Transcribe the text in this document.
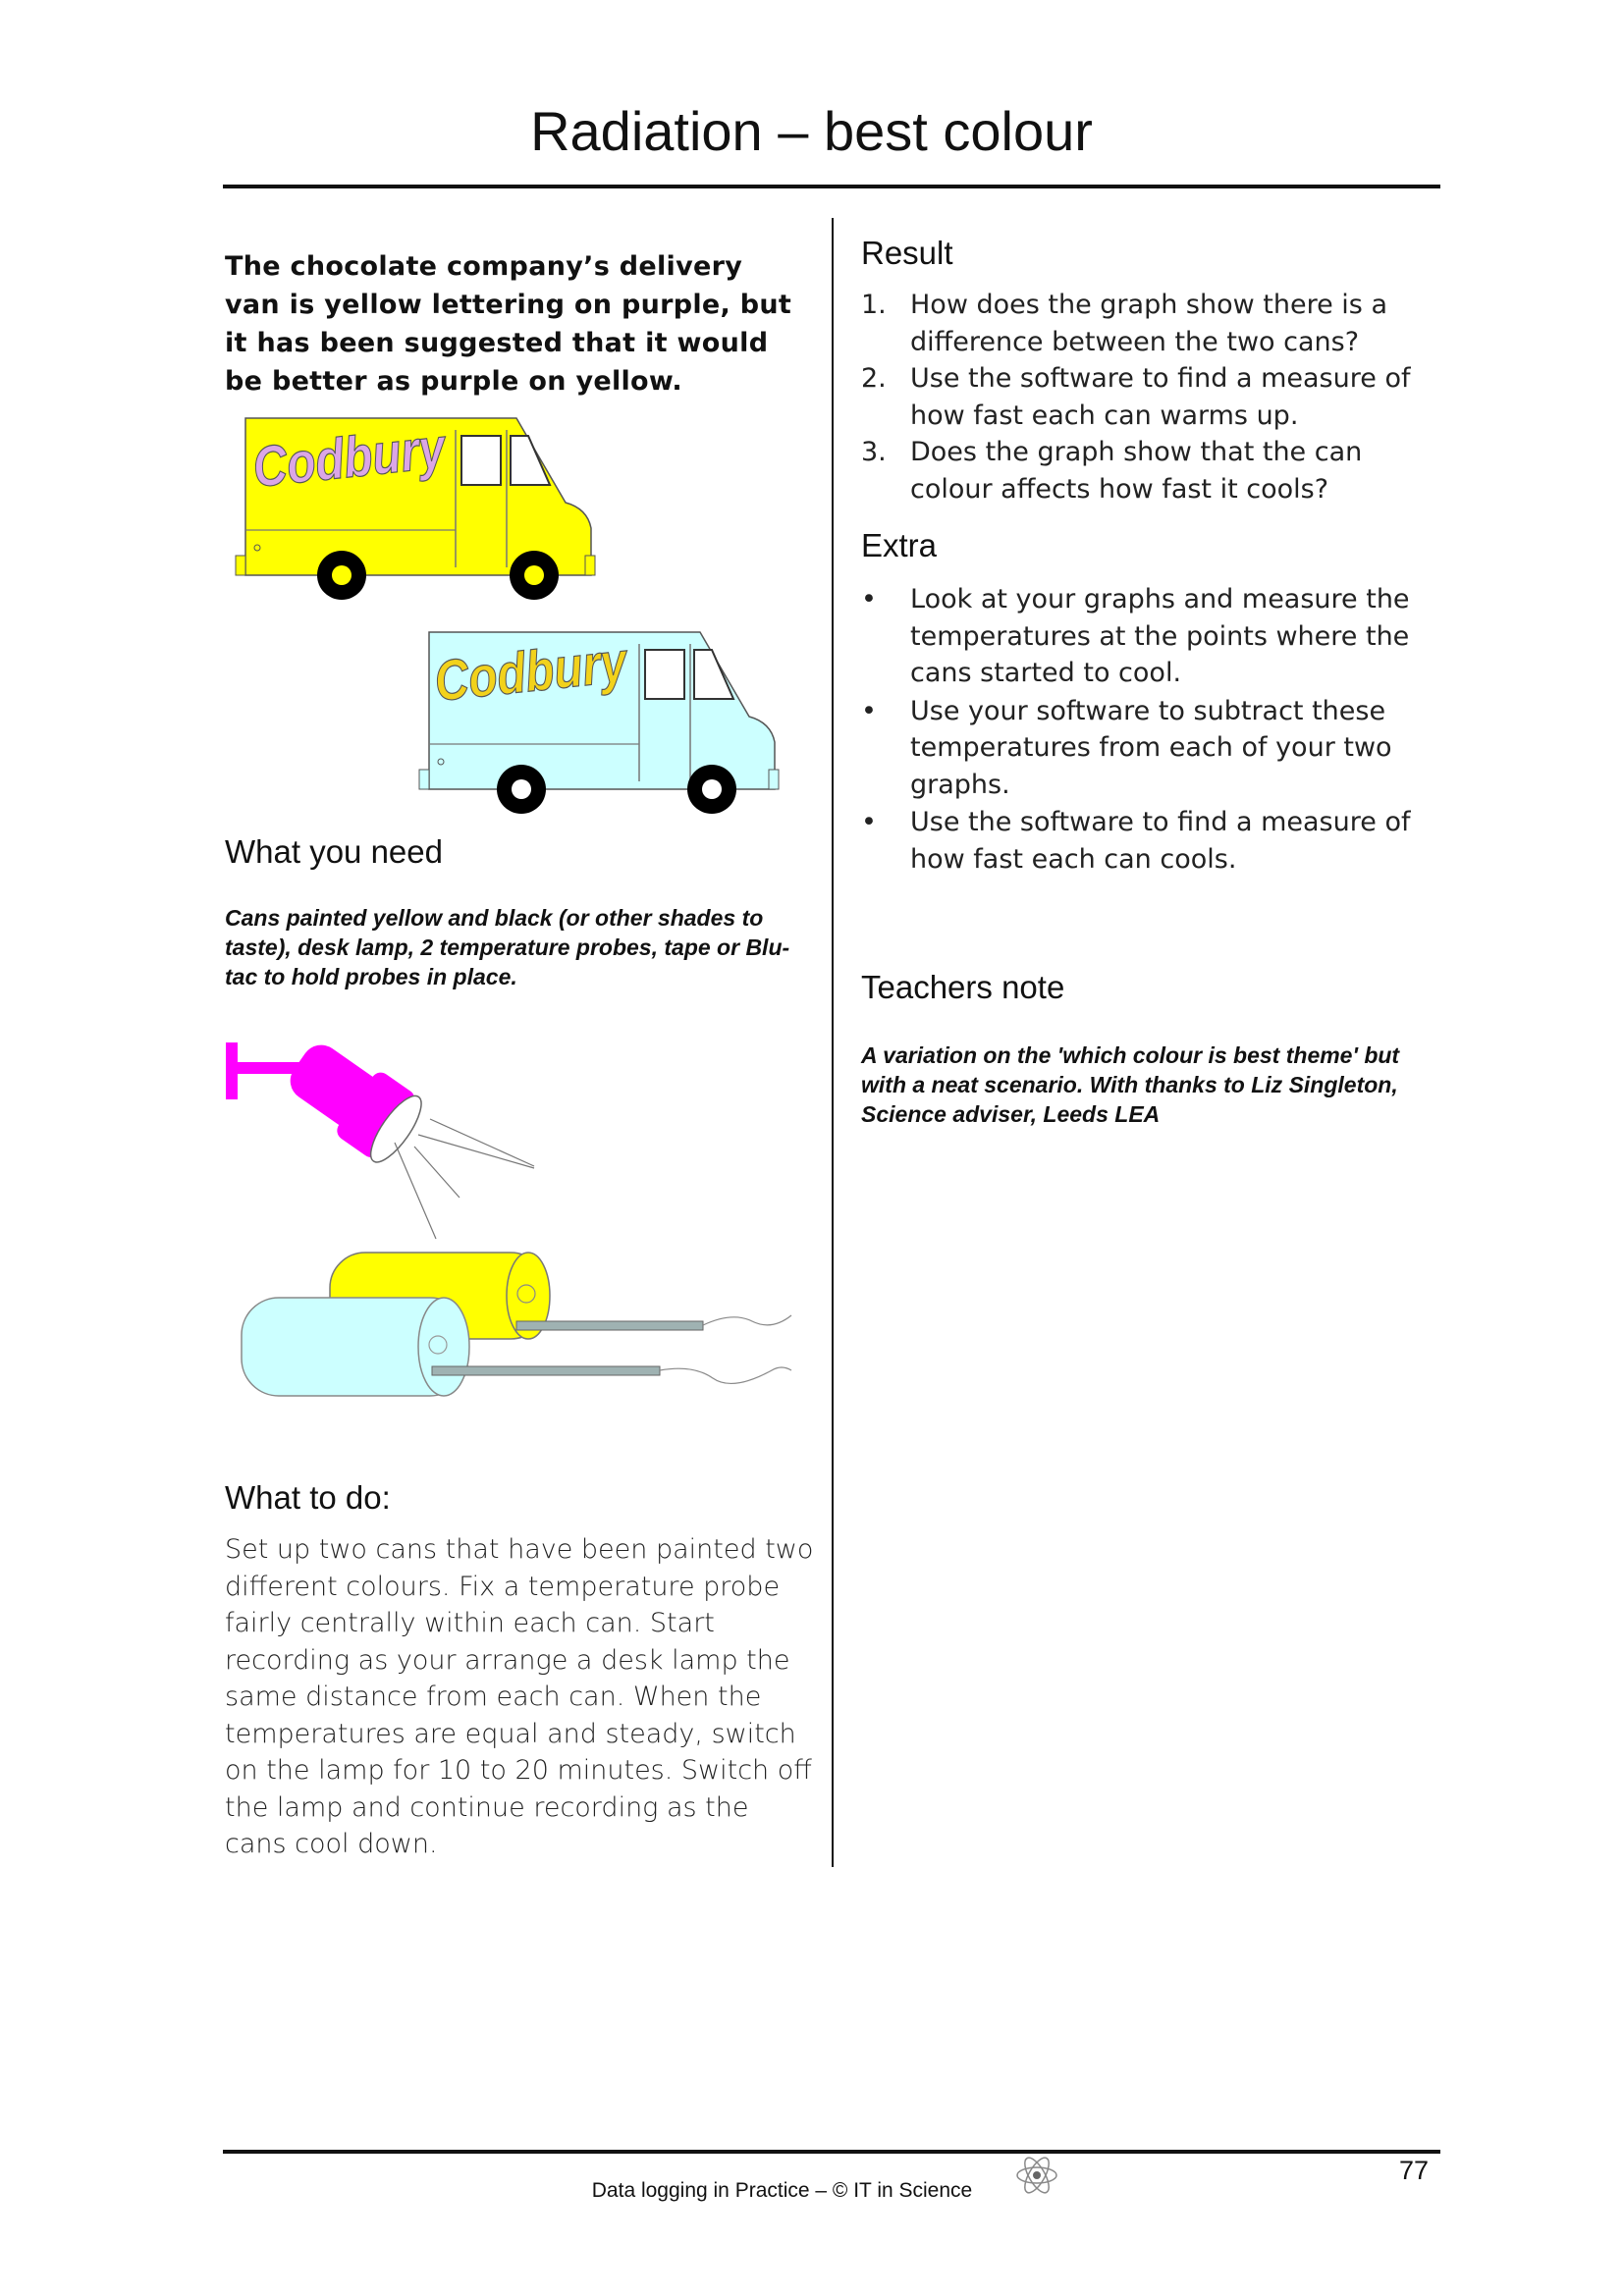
Radiation – best colour
The chocolate company’s delivery van is yellow lettering on purple, but it has been suggested that it would be better as purple on yellow.
Codbury
Codbury
What you need
Cans painted yellow and black (or other shades to taste), desk lamp, 2 temperature probes, tape or Blu-tac to hold probes in place.
What to do:
Set up two cans that have been painted two different colours. Fix a temperature probe fairly centrally within each can. Start recording as your arrange a desk lamp the same distance from each can. When the temperatures are equal and steady, switch on the lamp for 10 to 20 minutes. Switch off the lamp and continue recording as the cans cool down.
Result
1. How does the graph show there is a difference between the two cans?
2. Use the software to find a measure of how fast each can warms up.
3. Does the graph show that the can colour affects how fast it cools?
Extra
• Look at your graphs and measure the temperatures at the points where the cans started to cool.
• Use your software to subtract these temperatures from each of your two graphs.
• Use the software to find a measure of how fast each can cools.
Teachers note
A variation on the 'which colour is best theme' but with a neat scenario. With thanks to Liz Singleton, Science adviser, Leeds LEA
77
Data logging in Practice – © IT in Science
